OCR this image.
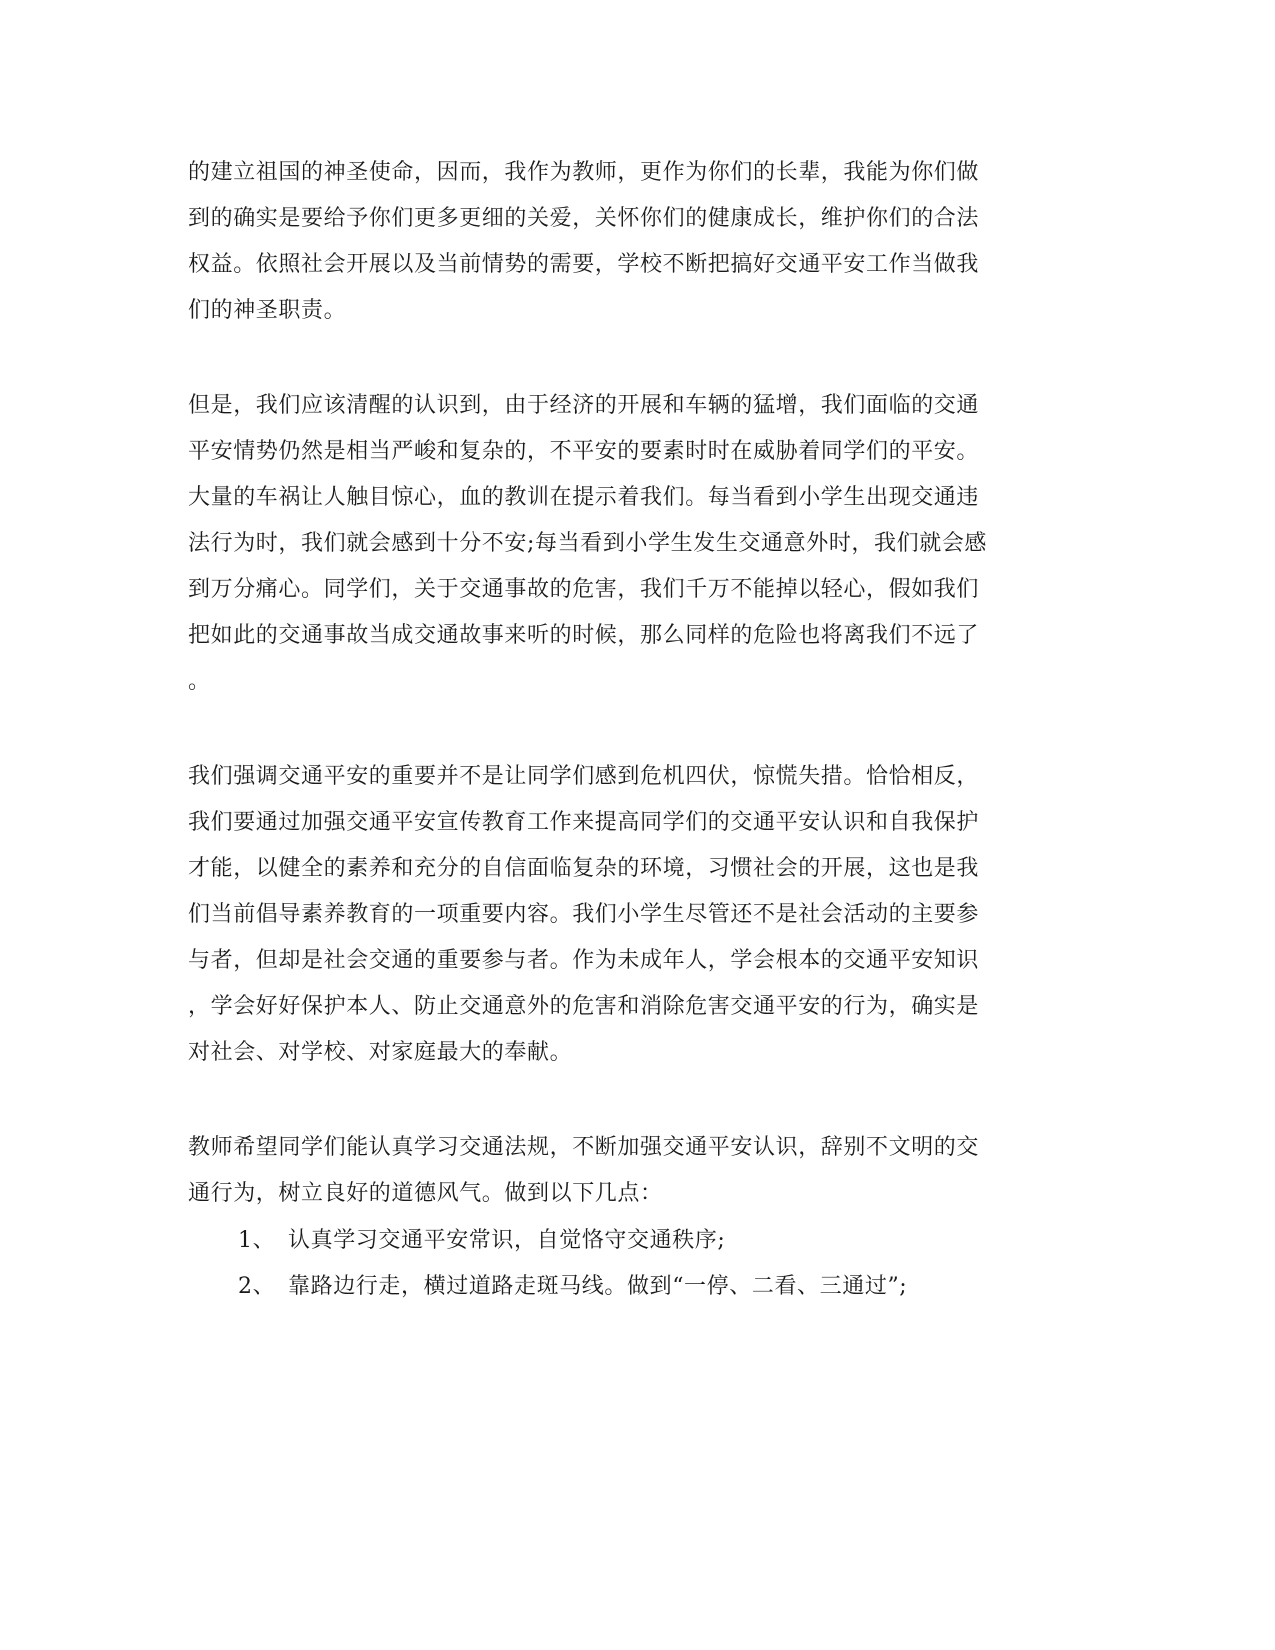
的建立祖国的神圣使命，因而，我作为教师，更作为你们的长辈，我能为你们做
到的确实是要给予你们更多更细的关爱，关怀你们的健康成长，维护你们的合法
权益。依照社会开展以及当前情势的需要，学校不断把搞好交通平安工作当做我
们的神圣职责。
但是，我们应该清醒的认识到，由于经济的开展和车辆的猛增，我们面临的交通
平安情势仍然是相当严峻和复杂的，不平安的要素时时在威胁着同学们的平安。
大量的车祸让人触目惊心，血的教训在提示着我们。每当看到小学生出现交通违
法行为时，我们就会感到十分不安;每当看到小学生发生交通意外时，我们就会感
到万分痛心。同学们，关于交通事故的危害，我们千万不能掉以轻心，假如我们
把如此的交通事故当成交通故事来听的时候，那么同样的危险也将离我们不远了
。
我们强调交通平安的重要并不是让同学们感到危机四伏，惊慌失措。恰恰相反，
我们要通过加强交通平安宣传教育工作来提高同学们的交通平安认识和自我保护
才能，以健全的素养和充分的自信面临复杂的环境，习惯社会的开展，这也是我
们当前倡导素养教育的一项重要内容。我们小学生尽管还不是社会活动的主要参
与者，但却是社会交通的重要参与者。作为未成年人，学会根本的交通平安知识
，学会好好保护本人、防止交通意外的危害和消除危害交通平安的行为，确实是
对社会、对学校、对家庭最大的奉献。
教师希望同学们能认真学习交通法规，不断加强交通平安认识，辞别不文明的交
通行为，树立良好的道德风气。做到以下几点：
1、 认真学习交通平安常识，自觉恪守交通秩序;
2、 靠路边行走，横过道路走斑马线。做到“一停、二看、三通过”;
